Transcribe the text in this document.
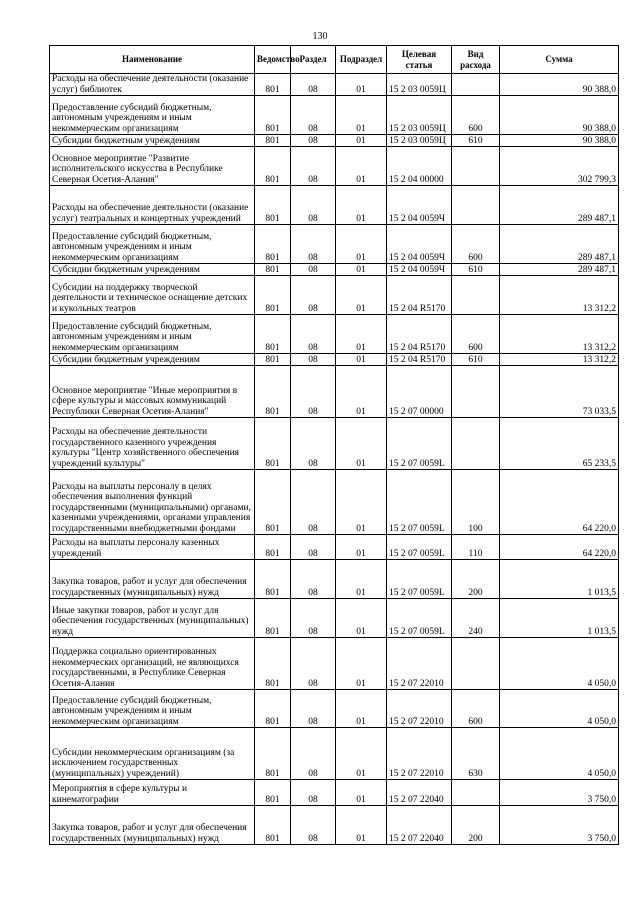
130
Наименование	Ведомство	Раздел	Подраздел	Целевая статья	Вид расхода	Сумма
Расходы на обеспечение деятельности (оказание услуг) библиотек	801	08	01	15 2 03 0059Ц		90 388,0
Предоставление субсидий бюджетным, автономным учреждениям и иным некоммерческим организациям	801	08	01	15 2 03 0059Ц	600	90 388,0
Субсидии бюджетным учреждениям	801	08	01	15 2 03 0059Ц	610	90 388,0
Основное мероприятие "Развитие исполнительского искусства в Республике Северная Осетия-Алания"	801	08	01	15 2 04 00000		302 799,3
Расходы на обеспечение деятельности (оказание услуг) театральных и концертных учреждений	801	08	01	15 2 04 0059Ч		289 487,1
Предоставление субсидий бюджетным, автономным учреждениям и иным некоммерческим организациям	801	08	01	15 2 04 0059Ч	600	289 487,1
Субсидии бюджетным учреждениям	801	08	01	15 2 04 0059Ч	610	289 487,1
Субсидии на поддержку творческой деятельности и техническое оснащение детских и кукольных театров	801	08	01	15 2 04 R5170		13 312,2
Предоставление субсидий бюджетным, автономным учреждениям и иным некоммерческим организациям	801	08	01	15 2 04 R5170	600	13 312,2
Субсидии бюджетным учреждениям	801	08	01	15 2 04 R5170	610	13 312,2
Основное мероприятие "Иные мероприятия в сфере культуры и массовых коммуникаций Республики Северная Осетия-Алания"	801	08	01	15 2 07 00000		73 033,5
Расходы на обеспечение деятельности государственного казенного учреждения культуры "Центр хозяйственного обеспечения учреждений культуры"	801	08	01	15 2 07 0059L		65 233,5
Расходы на выплаты персоналу в целях обеспечения выполнения функций государственными (муниципальными) органами, казенными учреждениями, органами управления государственными внебюджетными фондами	801	08	01	15 2 07 0059L	100	64 220,0
Расходы на выплаты персоналу казенных учреждений	801	08	01	15 2 07 0059L	110	64 220,0
Закупка товаров, работ и услуг для обеспечения государственных (муниципальных) нужд	801	08	01	15 2 07 0059L	200	1 013,5
Иные закупки товаров, работ и услуг для обеспечения государственных (муниципальных) нужд	801	08	01	15 2 07 0059L	240	1 013,5
Поддержка социально ориентированных некоммерческих организаций, не являющихся государственными, в Республике Северная Осетия-Алания	801	08	01	15 2 07 22010		4 050,0
Предоставление субсидий бюджетным, автономным учреждениям и иным некоммерческим организациям	801	08	01	15 2 07 22010	600	4 050,0
Субсидии некоммерческим организациям (за исключением государственных (муниципальных) учреждений)	801	08	01	15 2 07 22010	630	4 050,0
Мероприятия в сфере культуры и кинематографии	801	08	01	15 2 07 22040		3 750,0
Закупка товаров, работ и услуг для обеспечения государственных (муниципальных) нужд	801	08	01	15 2 07 22040	200	3 750,0
